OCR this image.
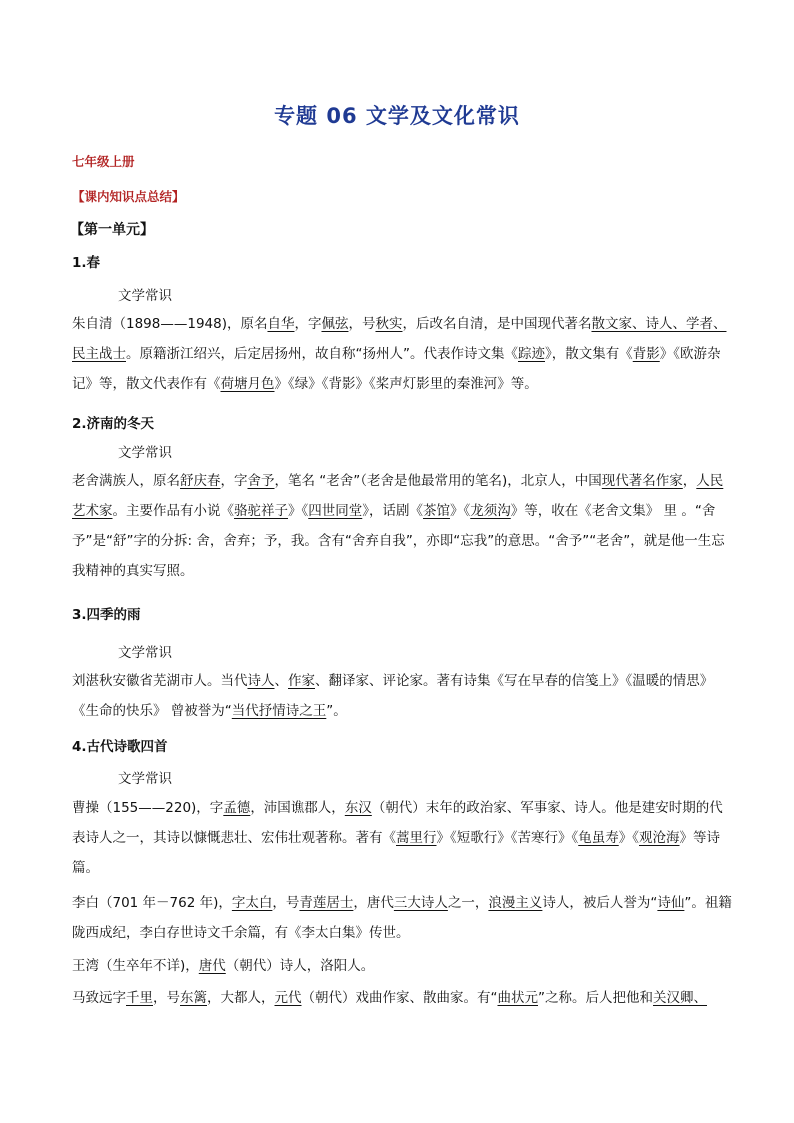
专题 06 文学及文化常识

七年级上册

【课内知识点总结】

【第一单元】

1.春

文学常识

朱自清（1898——1948)，原名自华，字佩弦，号秋实，后改名自清，是中国现代著名散文家、诗人、学者、民主战士。原籍浙江绍兴，后定居扬州，故自称“扬州人”。代表作诗文集《踪迹》，散文集有《背影》《欧游杂记》等，散文代表作有《荷塘月色》《绿》《背影》《桨声灯影里的秦淮河》等。

2.济南的冬天

文学常识

老舍满族人，原名舒庆春，字舍予，笔名 “老舍”（老舍是他最常用的笔名)，北京人，中国现代著名作家，人民艺术家。主要作品有小说《骆驼祥子》《四世同堂》，话剧《茶馆》《龙须沟》等，收在《老舍文集》 里 。“舍予”是“舒”字的分拆: 舍，舍弃；予，我。含有“舍弃自我”，亦即“忘我”的意思。“舍予”“老舍”，就是他一生忘我精神的真实写照。

3.四季的雨

文学常识

刘湛秋安徽省芜湖市人。当代诗人、作家、翻译家、评论家。著有诗集《写在早春的信笺上》《温暖的情思》《生命的快乐》 曾被誉为“当代抒情诗之王”。

4.古代诗歌四首

文学常识

曹操（155——220)，字孟德，沛国谯郡人，东汉（朝代）末年的政治家、军事家、诗人。他是建安时期的代表诗人之一，其诗以慷慨悲壮、宏伟壮观著称。著有《蒿里行》《短歌行》《苦寒行》《龟虽寿》《观沧海》等诗篇。

李白（701 年－762 年)，字太白，号青莲居士，唐代三大诗人之一，浪漫主义诗人，被后人誉为“诗仙”。祖籍陇西成纪，李白存世诗文千余篇，有《李太白集》传世。

王湾（生卒年不详)，唐代（朝代）诗人，洛阳人。

马致远字千里，号东篱，大都人，元代（朝代）戏曲作家、散曲家。有“曲状元”之称。后人把他和关汉卿、
